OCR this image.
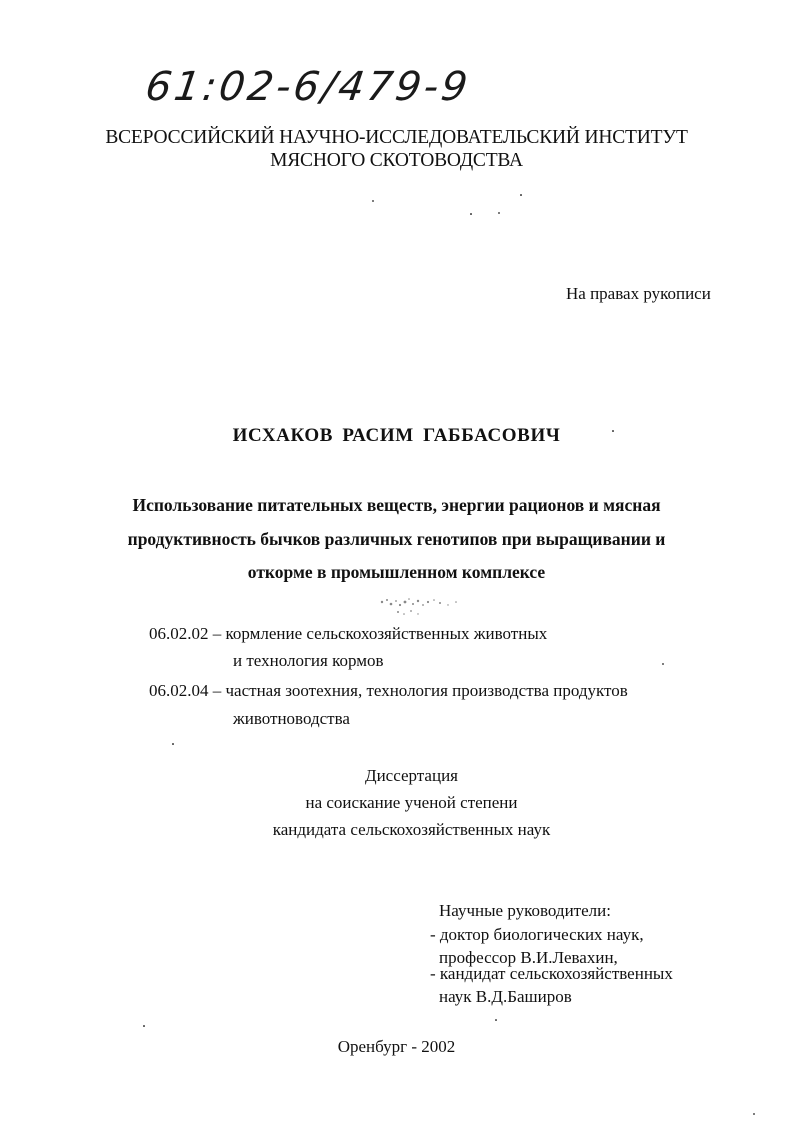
61:02-6/479-9
ВСЕРОССИЙСКИЙ НАУЧНО-ИССЛЕДОВАТЕЛЬСКИЙ ИНСТИТУТ
МЯСНОГО СКОТОВОДСТВА
На правах рукописи
ИСХАКОВ РАСИМ ГАББАСОВИЧ
Использование питательных веществ, энергии рационов и мясная
продуктивность бычков различных генотипов при выращивании и
откорме в промышленном комплексе
06.02.02 – кормление сельскохозяйственных животных
и технология кормов
06.02.04 – частная зоотехния, технология производства продуктов
животноводства
Диссертация
на соискание ученой степени
кандидата сельскохозяйственных наук
Научные руководители:
- доктор биологических наук,
профессор В.И.Левахин,
- кандидат сельскохозяйственных
наук В.Д.Баширов
Оренбург - 2002
